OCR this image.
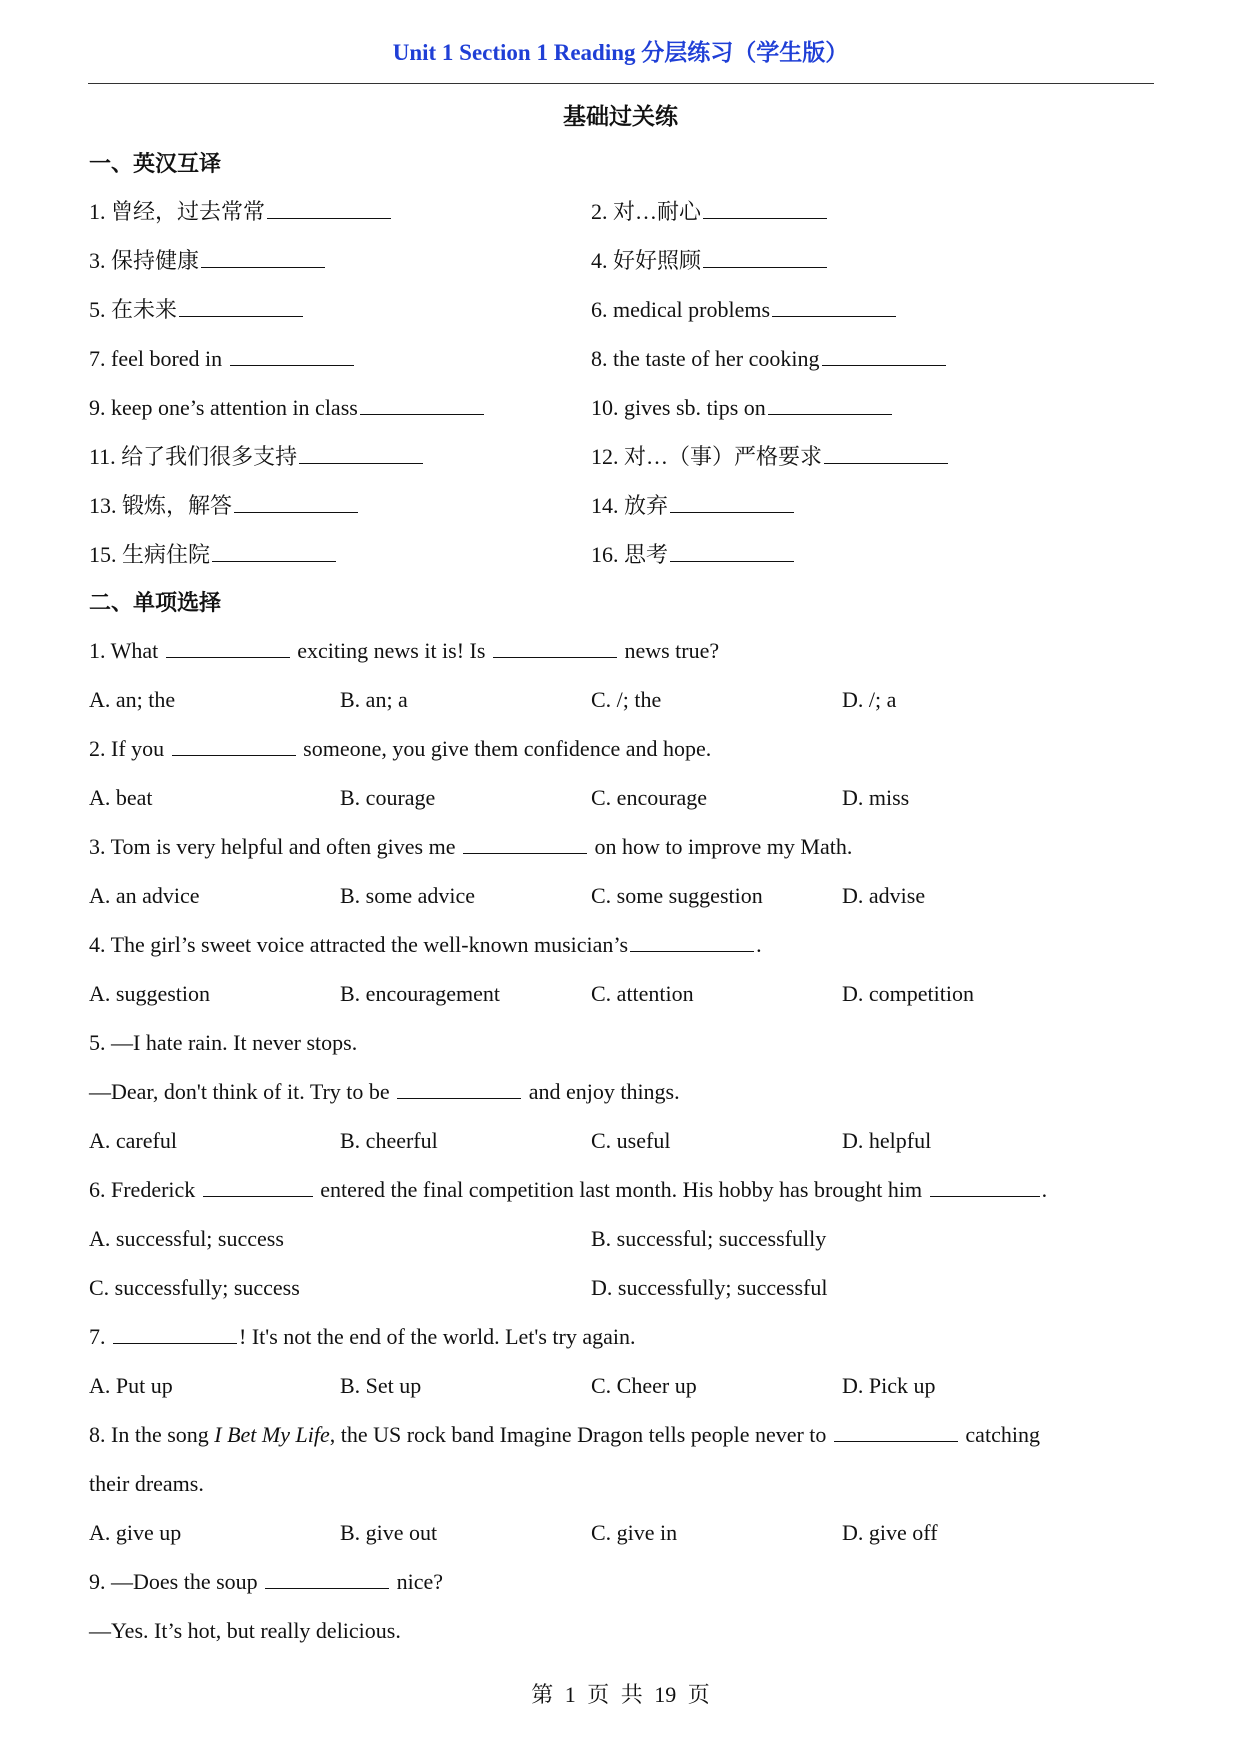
Unit 1 Section 1 Reading 分层练习（学生版）
基础过关练
一、英汉互译
1. 曾经，过去常常	2. 对…耐心
3. 保持健康	4. 好好照顾
5. 在未来	6. medical problems
7. feel bored in	8. the taste of her cooking
9. keep one’s attention in class	10. gives sb. tips on
11. 给了我们很多支持	12. 对…（事）严格要求
13. 锻炼，解答	14. 放弃
15. 生病住院	16. 思考
二、单项选择
1. What	exciting news it is! Is	news true?
A. an; the	B. an; a	C. /; the	D. /; a
2. If you	someone, you give them confidence and hope.
A. beat	B. courage	C. encourage	D. miss
3. Tom is very helpful and often gives me	on how to improve my Math.
A. an advice	B. some advice	C. some suggestion	D. advise
4. The girl’s sweet voice attracted the well-known musician’s	.
A. suggestion	B. encouragement	C. attention	D. competition
5. —I hate rain. It never stops.
—Dear, don't think of it. Try to be	and enjoy things.
A. careful	B. cheerful	C. useful	D. helpful
6. Frederick	entered the final competition last month. His hobby has brought him	.
A. successful; success	B. successful; successfully
C. successfully; success	D. successfully; successful
7.	! It's not the end of the world. Let's try again.
A. Put up	B. Set up	C. Cheer up	D. Pick up
8. In the song I Bet My Life, the US rock band Imagine Dragon tells people never to	catching
their dreams.
A. give up	B. give out	C. give in	D. give off
9. —Does the soup	nice?
—Yes. It’s hot, but really delicious.
第 1 页 共 19 页
